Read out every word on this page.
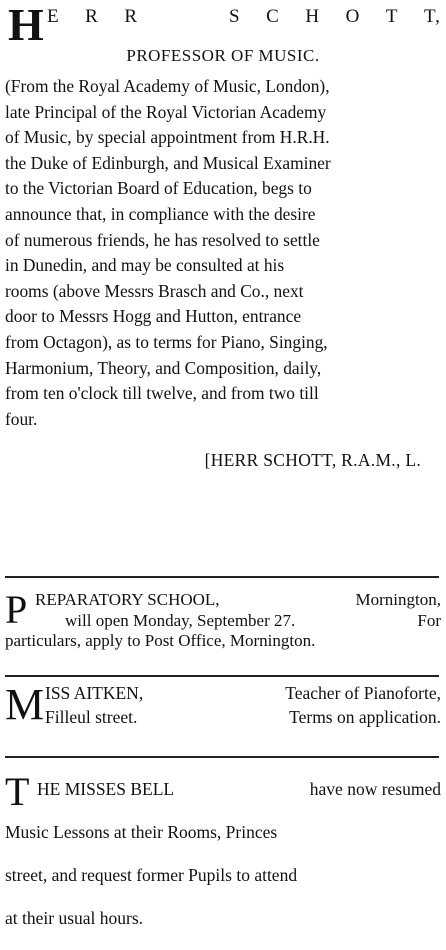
H E R R	S C H O T T,
PROFESSOR OF MUSIC.
(From the Royal Academy of Music, London),
late Principal of the Royal Victorian Academy
of Music, by special appointment from H.R.H.
the Duke of Edinburgh, and Musical Examiner
to the Victorian Board of Education, begs to
announce that, in compliance with the desire
of numerous friends, he has resolved to settle
in Dunedin, and may be consulted at his
rooms (above Messrs Brasch and Co., next
door to Messrs Hogg and Hutton, entrance
from Octagon), as to terms for Piano, Singing,
Harmonium, Theory, and Composition, daily,
from ten o'clock till twelve, and from two till
four.
[HERR SCHOTT, R.A.M., L.
P REPARATORY SCHOOL,	Mornington,
will open Monday, September 27.	For
particulars, apply to Post Office, Mornington.
M ISS AITKEN,	Teacher of Pianoforte,
Filleul street.	Terms on application.
T HE MISSES BELL	have now resumed
Music Lessons at their Rooms, Princes
street, and request former Pupils to attend
at their usual hours.
